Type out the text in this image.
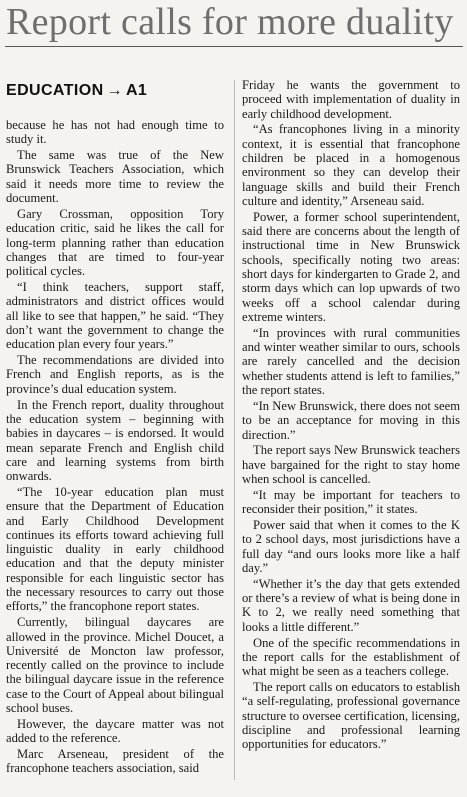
Report calls for more duality
EDUCATION → A1

because he has not had enough time to study it.

The same was true of the New Brunswick Teachers Association, which said it needs more time to review the document.

Gary Crossman, opposition Tory education critic, said he likes the call for long-term planning rather than education changes that are timed to four-year political cycles.

“I think teachers, support staff, administrators and district offices would all like to see that happen,” he said. “They don’t want the government to change the education plan every four years.”

The recommendations are divided into French and English reports, as is the province’s dual education system.

In the French report, duality throughout the education system – beginning with babies in daycares – is endorsed. It would mean separate French and English child care and learning systems from birth onwards.

“The 10-year education plan must ensure that the Department of Education and Early Childhood Development continues its efforts toward achieving full linguistic duality in early childhood education and that the deputy minister responsible for each linguistic sector has the necessary resources to carry out those efforts,” the francophone report states.

Currently, bilingual daycares are allowed in the province. Michel Doucet, a Université de Moncton law professor, recently called on the province to include the bilingual daycare issue in the reference case to the Court of Appeal about bilingual school buses.

However, the daycare matter was not added to the reference.

Marc Arseneau, president of the francophone teachers association, said

Friday he wants the government to proceed with implementation of duality in early childhood development.

“As francophones living in a minority context, it is essential that francophone children be placed in a homogenous environment so they can develop their language skills and build their French culture and identity,” Arseneau said.

Power, a former school superintendent, said there are concerns about the length of instructional time in New Brunswick schools, specifically noting two areas: short days for kindergarten to Grade 2, and storm days which can lop upwards of two weeks off a school calendar during extreme winters.

“In provinces with rural communities and winter weather similar to ours, schools are rarely cancelled and the decision whether students attend is left to families,” the report states.

“In New Brunswick, there does not seem to be an acceptance for moving in this direction.”

The report says New Brunswick teachers have bargained for the right to stay home when school is cancelled.

“It may be important for teachers to reconsider their position,” it states.

Power said that when it comes to the K to 2 school days, most jurisdictions have a full day “and ours looks more like a half day.”

“Whether it’s the day that gets extended or there’s a review of what is being done in K to 2, we really need something that looks a little different.”

One of the specific recommendations in the report calls for the establishment of what might be seen as a teachers college.

The report calls on educators to establish “a self-regulating, professional governance structure to oversee certification, licensing, discipline and professional learning opportunities for educators.”
